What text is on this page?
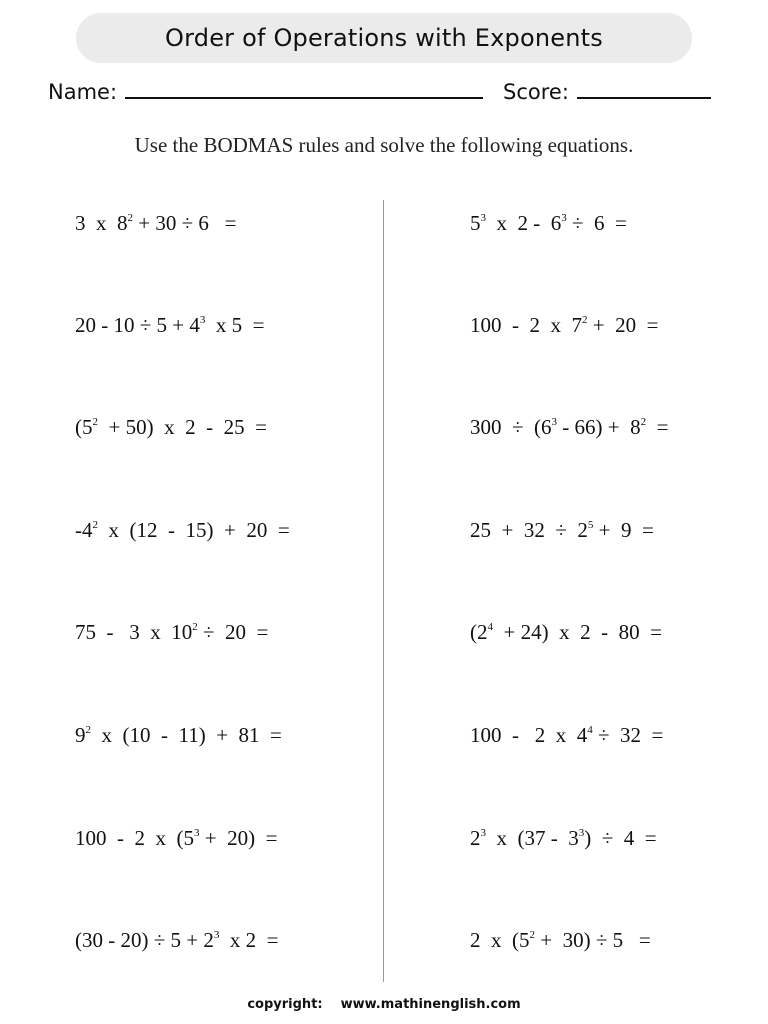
Order of Operations with Exponents
Name:	Score:
Use the BODMAS rules and solve the following equations.
3  x  $8^2 + 30 \div 6$   =
$20 - 10 \div 5 + 4^3$  x 5  =
$(5^2 + 50)$  x  2  -  25  =
$-4^2$  x  (12  -  15)  +  20  =
75  -   3  x  $10^2 \div 20$  =
$9^2$  x  (10  -  11)  +  81  =
100  -  2  x  $(5^3 + 20)$  =
$(30 - 20) \div 5 + 2^3$  x 2  =
$5^3$  x  $2 - 6^3 \div 6$  =
100  -  2  x  $7^2 + 20$  =
$300 \div (6^3 - 66) + 8^2$  =
$25 + 32 \div 2^5 + 9$  =
$(2^4 + 24)$  x  2  -  80  =
100  -   2  x  $4^4 \div 32$  =
$2^3$  x  $(37 - 3^3) \div 4$  =
2  x  $(5^2 + 30) \div 5$   =
copyright: www.mathinenglish.com
